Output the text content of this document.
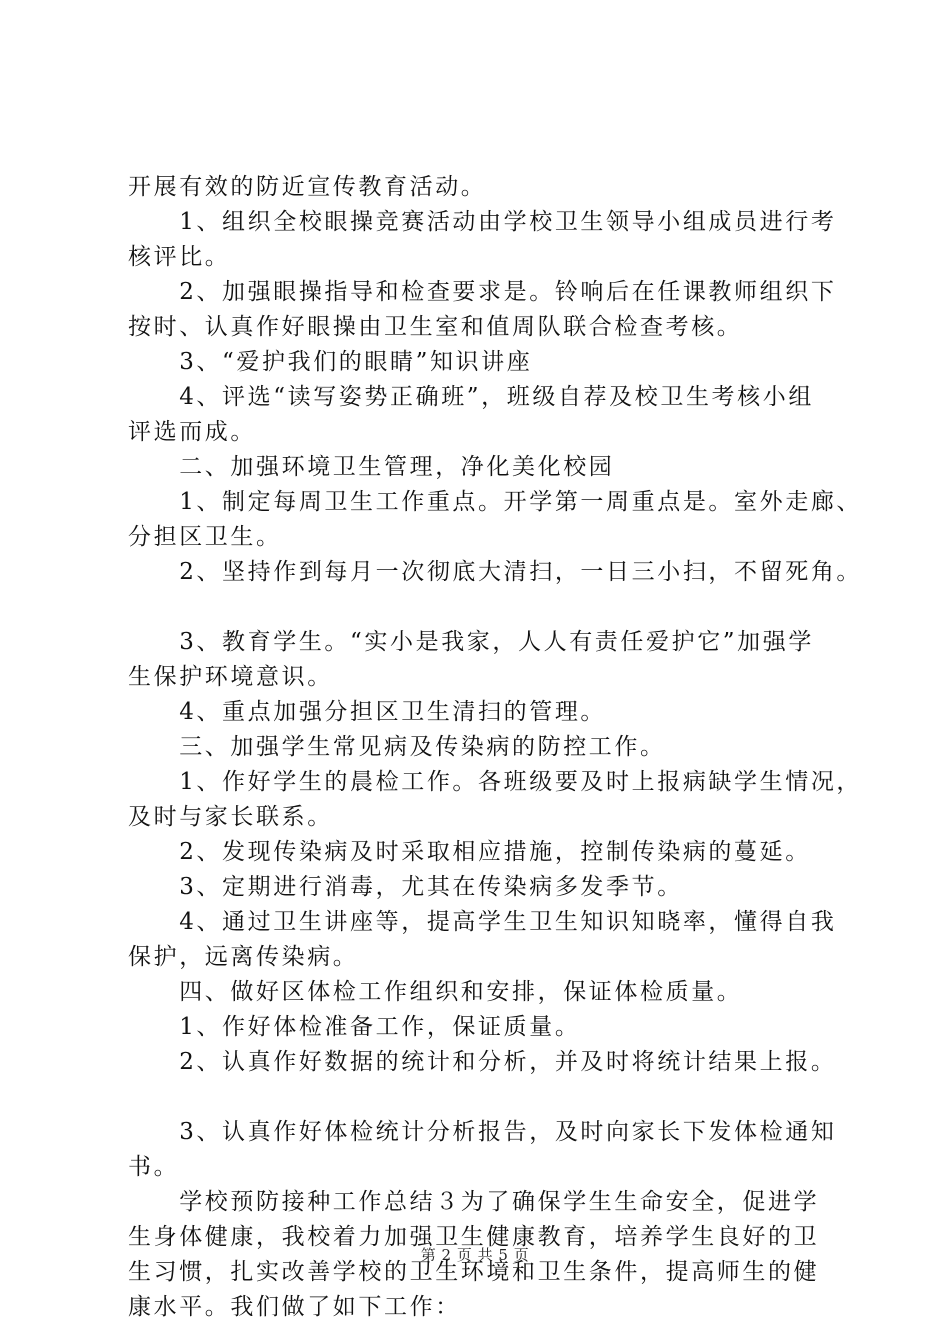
开展有效的防近宣传教育活动。
　　1、组织全校眼操竞赛活动由学校卫生领导小组成员进行考
核评比。
　　2、加强眼操指导和检查要求是。铃响后在任课教师组织下
按时、认真作好眼操由卫生室和值周队联合检查考核。
　　3、“爱护我们的眼睛”知识讲座
　　4、评选“读写姿势正确班”，班级自荐及校卫生考核小组
评选而成。
　　二、加强环境卫生管理，净化美化校园
　　1、制定每周卫生工作重点。开学第一周重点是。室外走廊、
分担区卫生。
　　2、坚持作到每月一次彻底大清扫，一日三小扫，不留死角。
　　3、教育学生。“实小是我家，人人有责任爱护它”加强学
生保护环境意识。
　　4、重点加强分担区卫生清扫的管理。
　　三、加强学生常见病及传染病的防控工作。
　　1、作好学生的晨检工作。各班级要及时上报病缺学生情况，
及时与家长联系。
　　2、发现传染病及时采取相应措施，控制传染病的蔓延。
　　3、定期进行消毒，尤其在传染病多发季节。
　　4、通过卫生讲座等，提高学生卫生知识知晓率，懂得自我
保护，远离传染病。
　　四、做好区体检工作组织和安排，保证体检质量。
　　1、作好体检准备工作，保证质量。
　　2、认真作好数据的统计和分析，并及时将统计结果上报。
　　3、认真作好体检统计分析报告，及时向家长下发体检通知
书。
　　学校预防接种工作总结３为了确保学生生命安全，促进学
生身体健康，我校着力加强卫生健康教育，培养学生良好的卫
生习惯，扎实改善学校的卫生环境和卫生条件，提高师生的健
康水平。我们做了如下工作：
第 2 页 共 5 页
